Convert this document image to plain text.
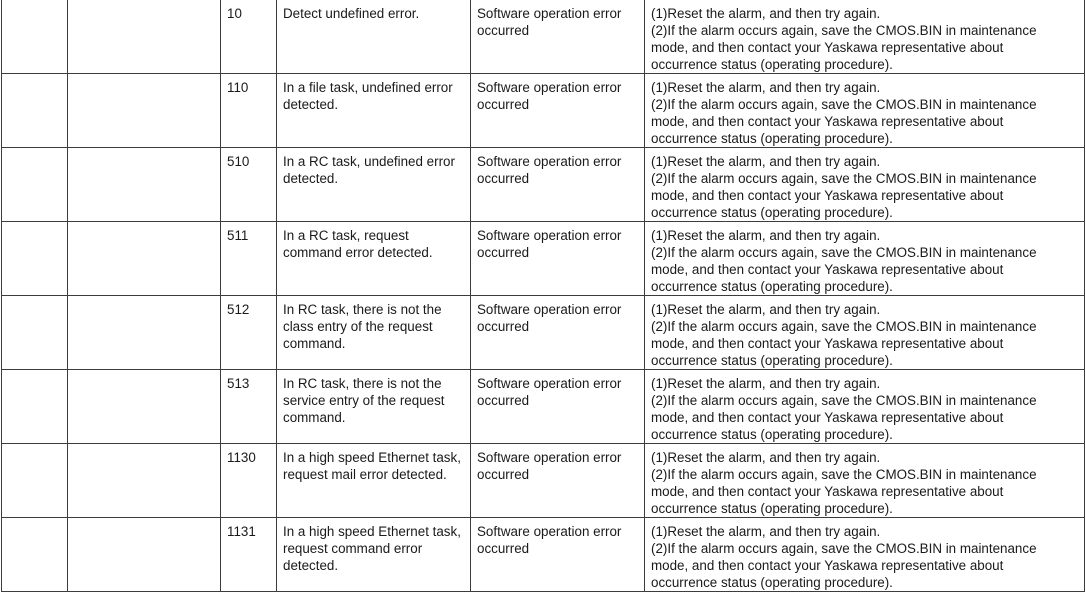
		10	Detect undefined error.	Software operation error occurred	(1)Reset the alarm, and then try again.
(2)If the alarm occurs again, save the CMOS.BIN in maintenance
mode, and then contact your Yaskawa representative about
occurrence status (operating procedure).

		110	In a file task, undefined error detected.	Software operation error occurred	(1)Reset the alarm, and then try again.
(2)If the alarm occurs again, save the CMOS.BIN in maintenance
mode, and then contact your Yaskawa representative about
occurrence status (operating procedure).

		510	In a RC task, undefined error detected.	Software operation error occurred	(1)Reset the alarm, and then try again.
(2)If the alarm occurs again, save the CMOS.BIN in maintenance
mode, and then contact your Yaskawa representative about
occurrence status (operating procedure).

		511	In a RC task, request command error detected.	Software operation error occurred	(1)Reset the alarm, and then try again.
(2)If the alarm occurs again, save the CMOS.BIN in maintenance
mode, and then contact your Yaskawa representative about
occurrence status (operating procedure).

		512	In RC task, there is not the class entry of the request command.	Software operation error occurred	(1)Reset the alarm, and then try again.
(2)If the alarm occurs again, save the CMOS.BIN in maintenance
mode, and then contact your Yaskawa representative about
occurrence status (operating procedure).

		513	In RC task, there is not the service entry of the request command.	Software operation error occurred	(1)Reset the alarm, and then try again.
(2)If the alarm occurs again, save the CMOS.BIN in maintenance
mode, and then contact your Yaskawa representative about
occurrence status (operating procedure).

		1130	In a high speed Ethernet task, request mail error detected.	Software operation error occurred	(1)Reset the alarm, and then try again.
(2)If the alarm occurs again, save the CMOS.BIN in maintenance
mode, and then contact your Yaskawa representative about
occurrence status (operating procedure).

		1131	In a high speed Ethernet task, request command error detected.	Software operation error occurred	(1)Reset the alarm, and then try again.
(2)If the alarm occurs again, save the CMOS.BIN in maintenance
mode, and then contact your Yaskawa representative about
occurrence status (operating procedure).
